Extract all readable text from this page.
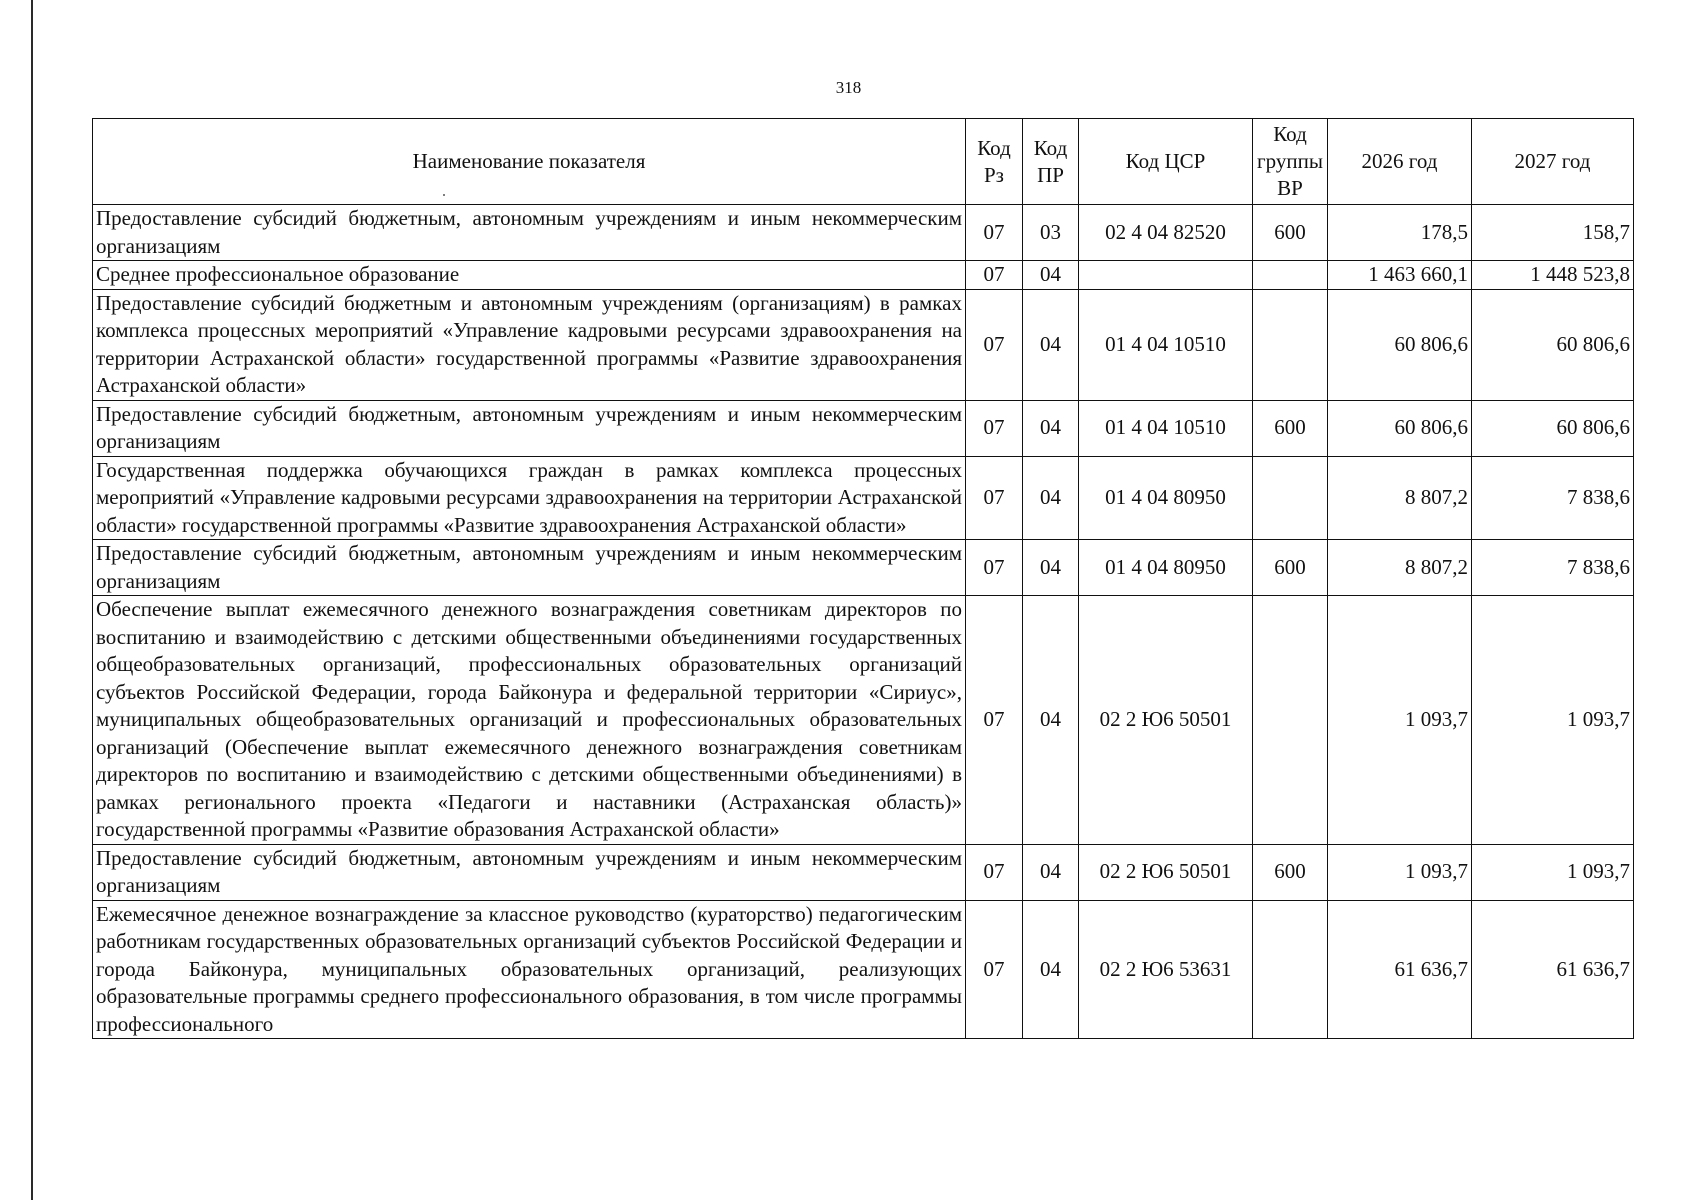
318
Наименование показателя	Код Рз	Код ПР	Код ЦСР	Код группы ВР	2026 год	2027 год
Предоставление субсидий бюджетным, автономным учреждениям и иным некоммерческим организациям	07	03	02 4 04 82520	600	178,5	158,7
Среднее профессиональное образование	07	04			1 463 660,1	1 448 523,8
Предоставление субсидий бюджетным и автономным учреждениям (организациям) в рамках комплекса процессных мероприятий «Управление кадровыми ресурсами здравоохранения на территории Астраханской области» государственной программы «Развитие здравоохранения Астраханской области»	07	04	01 4 04 10510		60 806,6	60 806,6
Предоставление субсидий бюджетным, автономным учреждениям и иным некоммерческим организациям	07	04	01 4 04 10510	600	60 806,6	60 806,6
Государственная поддержка обучающихся граждан в рамках комплекса процессных мероприятий «Управление кадровыми ресурсами здравоохранения на территории Астраханской области» государственной программы «Развитие здравоохранения Астраханской области»	07	04	01 4 04 80950		8 807,2	7 838,6
Предоставление субсидий бюджетным, автономным учреждениям и иным некоммерческим организациям	07	04	01 4 04 80950	600	8 807,2	7 838,6
Обеспечение выплат ежемесячного денежного вознаграждения советникам директоров по воспитанию и взаимодействию с детскими общественными объединениями государственных общеобразовательных организаций, профессиональных образовательных организаций субъектов Российской Федерации, города Байконура и федеральной территории «Сириус», муниципальных общеобразовательных организаций и профессиональных образовательных организаций (Обеспечение выплат ежемесячного денежного вознаграждения советникам директоров по воспитанию и взаимодействию с детскими общественными объединениями) в рамках регионального проекта «Педагоги и наставники (Астраханская область)» государственной программы «Развитие образования Астраханской области»	07	04	02 2 Ю6 50501		1 093,7	1 093,7
Предоставление субсидий бюджетным, автономным учреждениям и иным некоммерческим организациям	07	04	02 2 Ю6 50501	600	1 093,7	1 093,7
Ежемесячное денежное вознаграждение за классное руководство (кураторство) педагогическим работникам государственных образовательных организаций субъектов Российской Федерации и города Байконура, муниципальных образовательных организаций, реализующих образовательные программы среднего профессионального образования, в том числе программы профессионального	07	04	02 2 Ю6 53631		61 636,7	61 636,7
